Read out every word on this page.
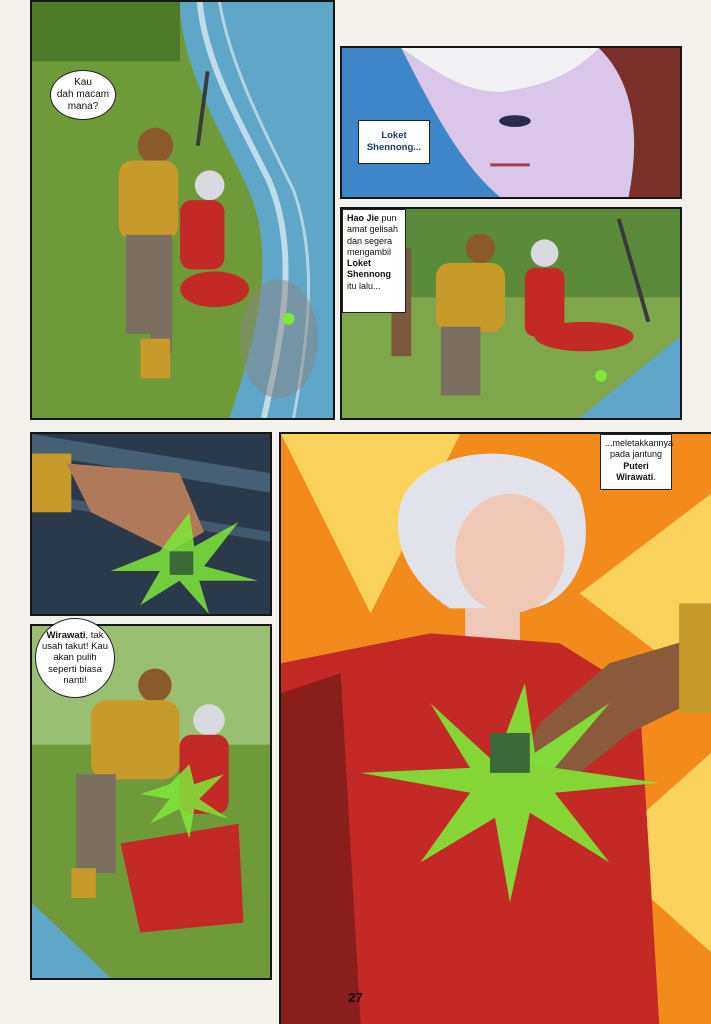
Kau
dah macam
mana?
Loket
Shennong...
Hao Jie pun amat gelisah dan segera mengambil Loket Shennong itu lalu...
...meletakkannya pada jantung Puteri Wirawati.
Wirawati, tak usah takut! Kau akan pulih seperti biasa nanti!
27
